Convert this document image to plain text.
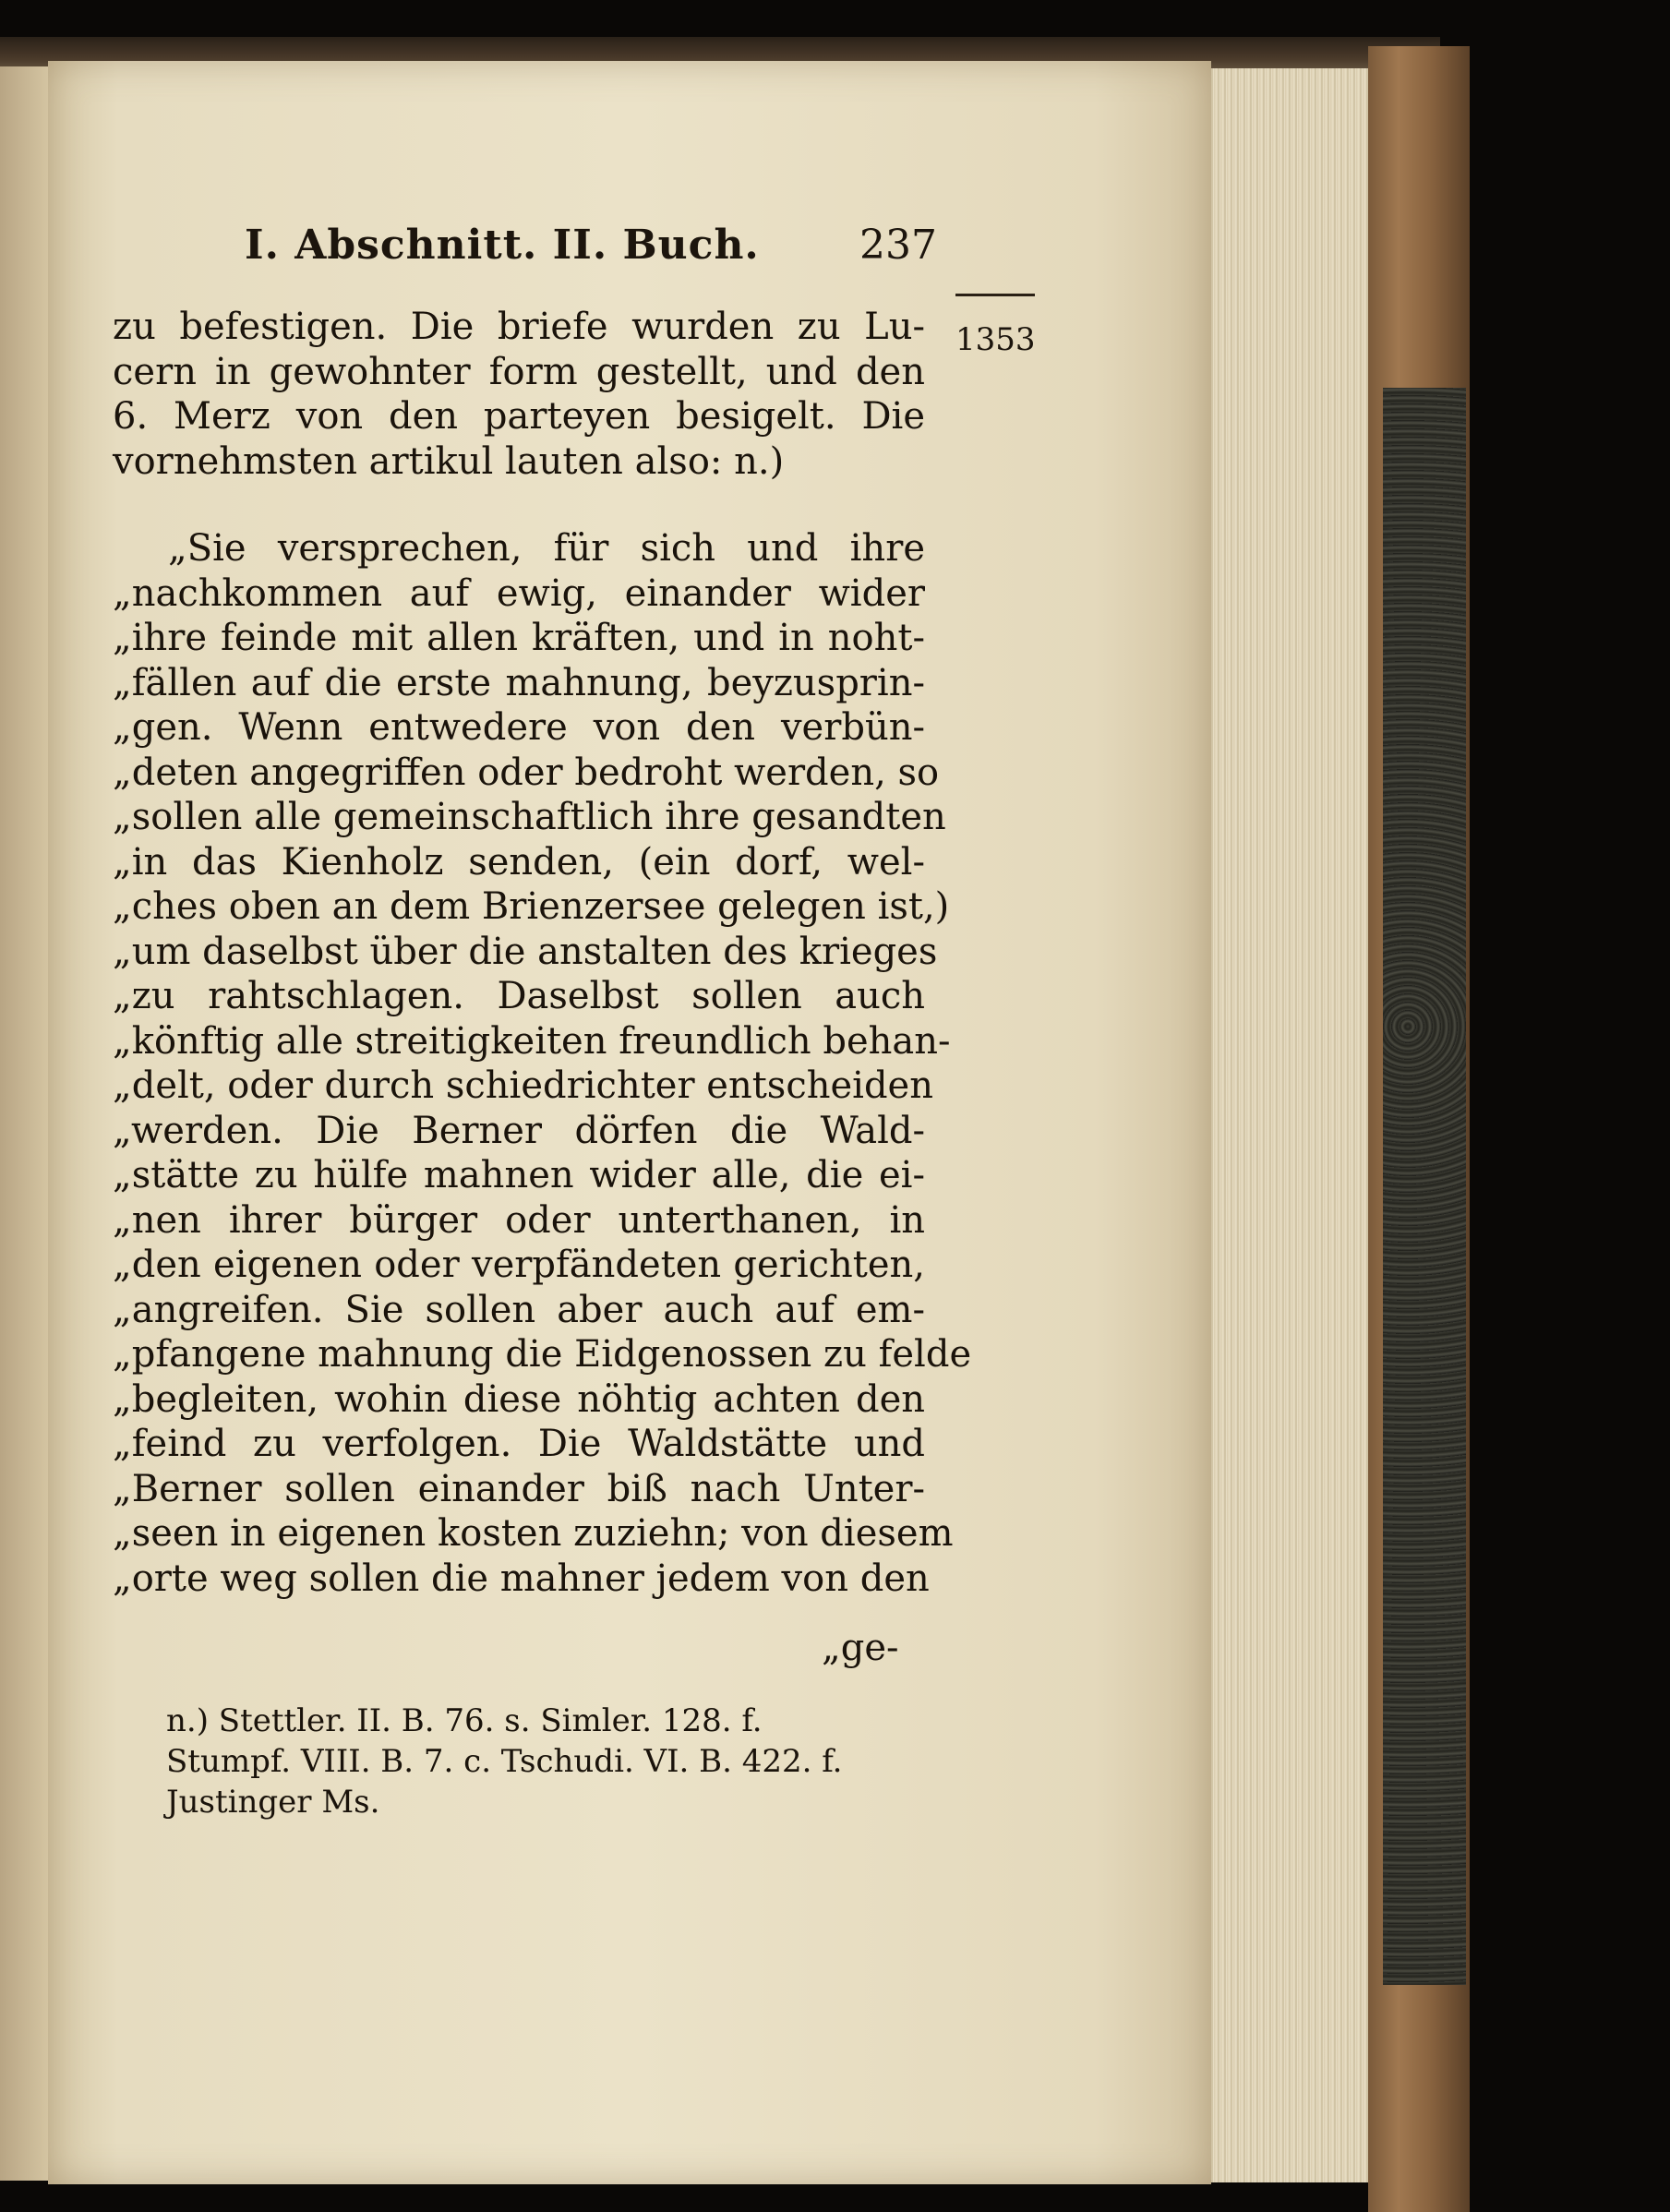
I. Abschnitt. II. Buch. 237
1353
zu befestigen. Die briefe wurden zu Lu-
cern in gewohnter form gestellt, und den
6. Merz von den parteyen besigelt. Die
vornehmsten artikul lauten also: n.)
„Sie versprechen, für sich und ihre
„nachkommen auf ewig, einander wider
„ihre feinde mit allen kräften, und in noht-
„fällen auf die erste mahnung, beyzusprin-
„gen. Wenn entwedere von den verbün-
„deten angegriffen oder bedroht werden, so
„sollen alle gemeinschaftlich ihre gesandten
„in das Kienholz senden, (ein dorf, wel-
„ches oben an dem Brienzersee gelegen ist,)
„um daselbst über die anstalten des krieges
„zu rahtschlagen. Daselbst sollen auch
„könftig alle streitigkeiten freundlich behan-
„delt, oder durch schiedrichter entscheiden
„werden. Die Berner dörfen die Wald-
„stätte zu hülfe mahnen wider alle, die ei-
„nen ihrer bürger oder unterthanen, in
„den eigenen oder verpfändeten gerichten,
„angreifen. Sie sollen aber auch auf em-
„pfangene mahnung die Eidgenossen zu felde
„begleiten, wohin diese nöhtig achten den
„feind zu verfolgen. Die Waldstätte und
„Berner sollen einander biß nach Unter-
„seen in eigenen kosten zuziehn; von diesem
„orte weg sollen die mahner jedem von den
„ge-
n.) Stettler. II. B. 76. s. Simler. 128. f.
Stumpf. VIII. B. 7. c. Tschudi. VI. B. 422. f.
Justinger Ms.
